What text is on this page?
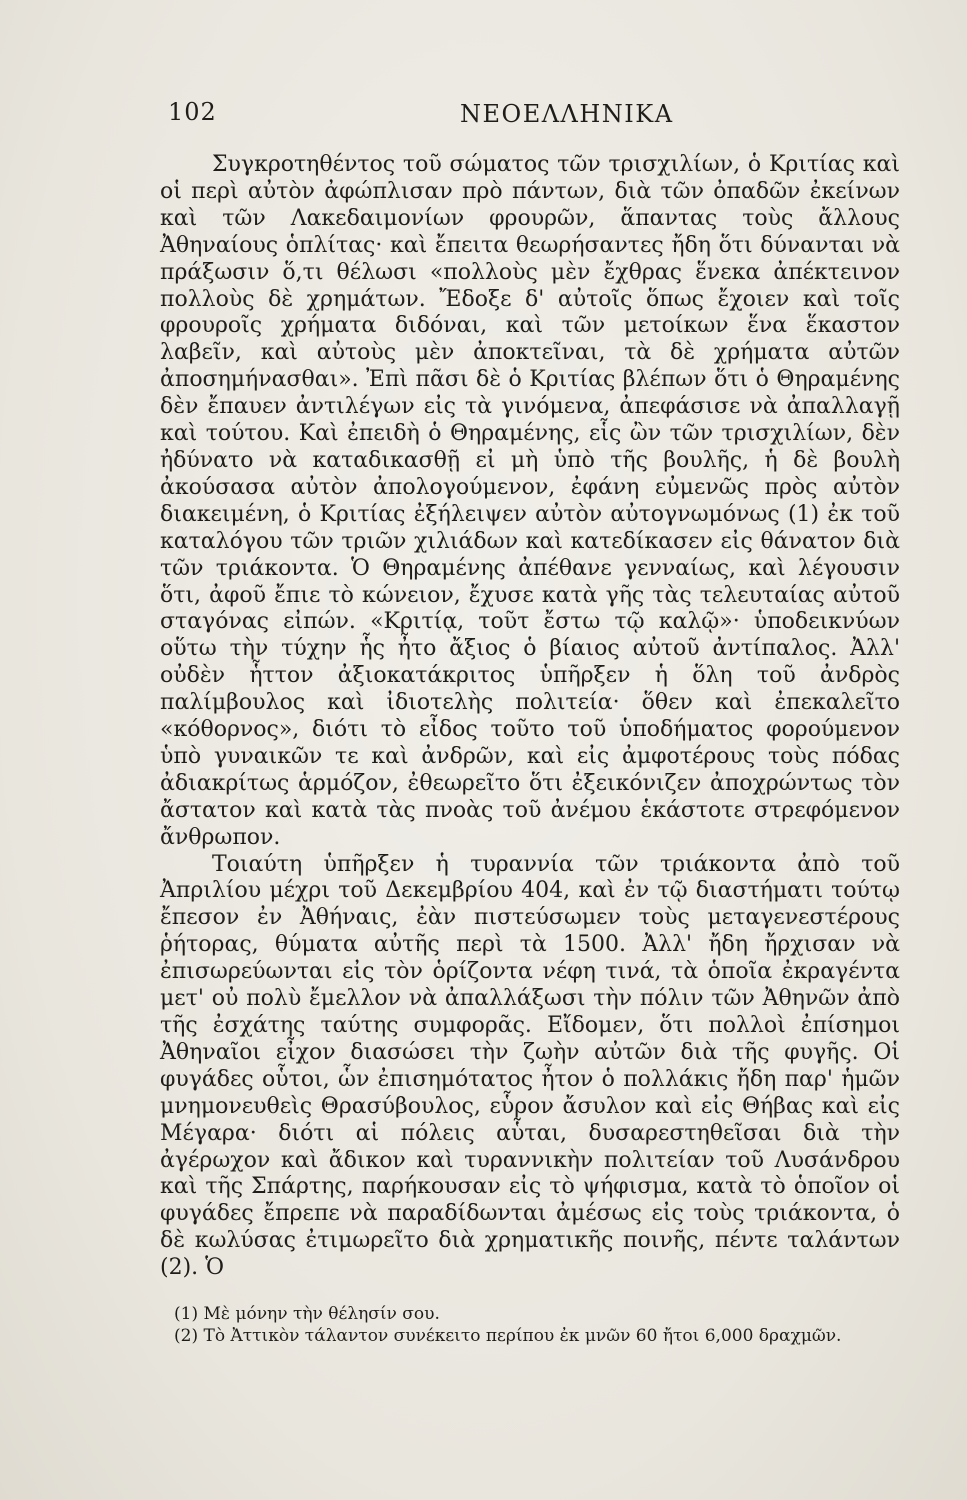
102	ΝΕΟΕΛΛΗΝΙΚΑ

Συγκροτηθέντος τοῦ σώματος τῶν τρισχιλίων, ὁ Κριτίας καὶ οἱ περὶ αὐτὸν ἀφώπλισαν πρὸ πάντων, διὰ τῶν ὀπαδῶν ἐκείνων καὶ τῶν Λακεδαιμονίων φρουρῶν, ἅπαντας τοὺς ἄλλους Ἀθηναίους ὁπλίτας· καὶ ἔπειτα θεωρήσαντες ἤδη ὅτι δύνανται νὰ πράξωσιν ὅ,τι θέλωσι «πολλοὺς μὲν ἔχθρας ἕνεκα ἀπέκτεινον πολλοὺς δὲ χρημάτων. Ἔδοξε δ' αὐτοῖς ὅπως ἔχοιεν καὶ τοῖς φρουροῖς χρήματα διδόναι, καὶ τῶν μετοίκων ἕνα ἕκαστον λαβεῖν, καὶ αὐτοὺς μὲν ἀποκτεῖναι, τὰ δὲ χρήματα αὐτῶν ἀποσημήνασθαι». Ἐπὶ πᾶσι δὲ ὁ Κριτίας βλέπων ὅτι ὁ Θηραμένης δὲν ἔπαυεν ἀντιλέγων εἰς τὰ γινόμενα, ἀπεφάσισε νὰ ἀπαλλαγῇ καὶ τούτου. Καὶ ἐπειδὴ ὁ Θηραμένης, εἷς ὢν τῶν τρισχιλίων, δὲν ἠδύνατο νὰ καταδικασθῇ εἰ μὴ ὑπὸ τῆς βουλῆς, ἡ δὲ βουλὴ ἀκούσασα αὐτὸν ἀπολογούμενον, ἐφάνη εὐμενῶς πρὸς αὐτὸν διακειμένη, ὁ Κριτίας ἐξήλειψεν αὐτὸν αὐτογνωμόνως (1) ἐκ τοῦ καταλόγου τῶν τριῶν χιλιάδων καὶ κατεδίκασεν εἰς θάνατον διὰ τῶν τριάκοντα. Ὁ Θηραμένης ἀπέθανε γενναίως, καὶ λέγουσιν ὅτι, ἀφοῦ ἔπιε τὸ κώνειον, ἔχυσε κατὰ γῆς τὰς τελευταίας αὐτοῦ σταγόνας εἰπών. «Κριτίᾳ, τοῦτ ἔστω τῷ καλῷ»· ὑποδεικνύων οὕτω τὴν τύχην ἧς ἦτο ἄξιος ὁ βίαιος αὐτοῦ ἀντίπαλος. Ἀλλ' οὐδὲν ἧττον ἀξιοκατάκριτος ὑπῆρξεν ἡ ὅλη τοῦ ἀνδρὸς παλίμβουλος καὶ ἰδιοτελὴς πολιτεία· ὅθεν καὶ ἐπεκαλεῖτο «κόθορνος», διότι τὸ εἶδος τοῦτο τοῦ ὑποδήματος φορούμενον ὑπὸ γυναικῶν τε καὶ ἀνδρῶν, καὶ εἰς ἀμφοτέρους τοὺς πόδας ἀδιακρίτως ἁρμόζον, ἐθεωρεῖτο ὅτι ἐξεικόνιζεν ἀποχρώντως τὸν ἄστατον καὶ κατὰ τὰς πνοὰς τοῦ ἀνέμου ἑκάστοτε στρεφόμενον ἄνθρωπον.

Τοιαύτη ὑπῆρξεν ἡ τυραννία τῶν τριάκοντα ἀπὸ τοῦ Ἀπριλίου μέχρι τοῦ Δεκεμβρίου 404, καὶ ἐν τῷ διαστήματι τούτῳ ἔπεσον ἐν Ἀθήναις, ἐὰν πιστεύσωμεν τοὺς μεταγενεστέρους ῥήτορας, θύματα αὐτῆς περὶ τὰ 1500. Ἀλλ' ἤδη ἤρχισαν νὰ ἐπισωρεύωνται εἰς τὸν ὁρίζοντα νέφη τινά, τὰ ὁποῖα ἐκραγέντα μετ' οὐ πολὺ ἔμελλον νὰ ἀπαλλάξωσι τὴν πόλιν τῶν Ἀθηνῶν ἀπὸ τῆς ἐσχάτης ταύτης συμφορᾶς. Εἴδομεν, ὅτι πολλοὶ ἐπίσημοι Ἀθηναῖοι εἶχον διασώσει τὴν ζωὴν αὐτῶν διὰ τῆς φυγῆς. Οἱ φυγάδες οὗτοι, ὧν ἐπισημότατος ἦτον ὁ πολλάκις ἤδη παρ' ἡμῶν μνημονευθεὶς Θρασύβουλος, εὗρον ἄσυλον καὶ εἰς Θήβας καὶ εἰς Μέγαρα· διότι αἱ πόλεις αὗται, δυσαρεστηθεῖσαι διὰ τὴν ἀγέρωχον καὶ ἄδικον καὶ τυραννικὴν πολιτείαν τοῦ Λυσάνδρου καὶ τῆς Σπάρτης, παρήκουσαν εἰς τὸ ψήφισμα, κατὰ τὸ ὁποῖον οἱ φυγάδες ἔπρεπε νὰ παραδίδωνται ἀμέσως εἰς τοὺς τριάκοντα, ὁ δὲ κωλύσας ἐτιμωρεῖτο διὰ χρηματικῆς ποινῆς, πέντε ταλάντων (2). Ὁ

(1) Μὲ μόνην τὴν θέλησίν σου.

(2) Τὸ Ἀττικὸν τάλαντον συνέκειτο περίπου ἐκ μνῶν 60 ἤτοι 6,000 δραχμῶν.
